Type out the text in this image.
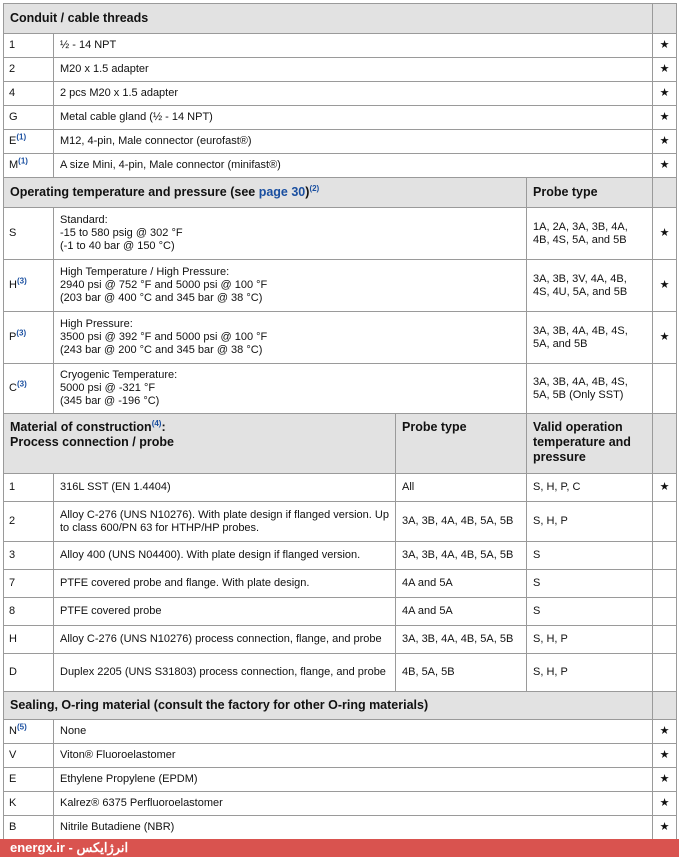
Conduit / cable threads				
1	½ - 14 NPT			★
2	M20 x 1.5 adapter			★
4	2 pcs M20 x 1.5 adapter			★
G	Metal cable gland (½ - 14 NPT)			★
$E^{(1)}$	M12, 4-pin, Male connector (eurofast®)			★
$M^{(1)}$	A size Mini, 4-pin, Male connector (minifast®)			★
Operating temperature and pressure (see page 30)$^{(2)}$			Probe type	
S	Standard:
-15 to 580 psig @ 302 °F
(-1 to 40 bar @ 150 °C)		1A, 2A, 3A, 3B, 4A, 4B, 4S, 5A, and 5B	★
$H^{(3)}$	High Temperature / High Pressure:
2940 psi @ 752 °F and 5000 psi @ 100 °F
(203 bar @ 400 °C and 345 bar @ 38 °C)		3A, 3B, 3V, 4A, 4B, 4S, 4U, 5A, and 5B	★
$P^{(3)}$	High Pressure:
3500 psi @ 392 °F and 5000 psi @ 100 °F
(243 bar @ 200 °C and 345 bar @ 38 °C)		3A, 3B, 4A, 4B, 4S, 5A, and 5B	★
$C^{(3)}$	Cryogenic Temperature:
5000 psi @ -321 °F
(345 bar @ -196 °C)		3A, 3B, 4A, 4B, 4S, 5A, 5B (Only SST)	

Material of construction$^{(4)}$:
Process connection / probe		Probe type	Valid operation temperature and pressure	
1	316L SST (EN 1.4404)	All	S, H, P, C	★
2	Alloy C-276 (UNS N10276). With plate design if flanged version. Up to class 600/PN 63 for HTHP/HP probes.	3A, 3B, 4A, 4B, 5A, 5B	S, H, P	
3	Alloy 400 (UNS N04400). With plate design if flanged version.	3A, 3B, 4A, 4B, 5A, 5B	S	
7	PTFE covered probe and flange. With plate design.	4A and 5A	S	
8	PTFE covered probe	4A and 5A	S	
H	Alloy C-276 (UNS N10276) process connection, flange, and probe	3A, 3B, 4A, 4B, 5A, 5B	S, H, P	
D	Duplex 2205 (UNS S31803) process connection, flange, and probe	4B, 5A, 5B	S, H, P	
Sealing, O-ring material (consult the factory for other O-ring materials)				
$N^{(5)}$	None			★
V	Viton® Fluoroelastomer			★
E	Ethylene Propylene (EPDM)			★
K	Kalrez® 6375 Perfluoroelastomer			★
B	Nitrile Butadiene (NBR)			★
energx.ir - انرژایکس
